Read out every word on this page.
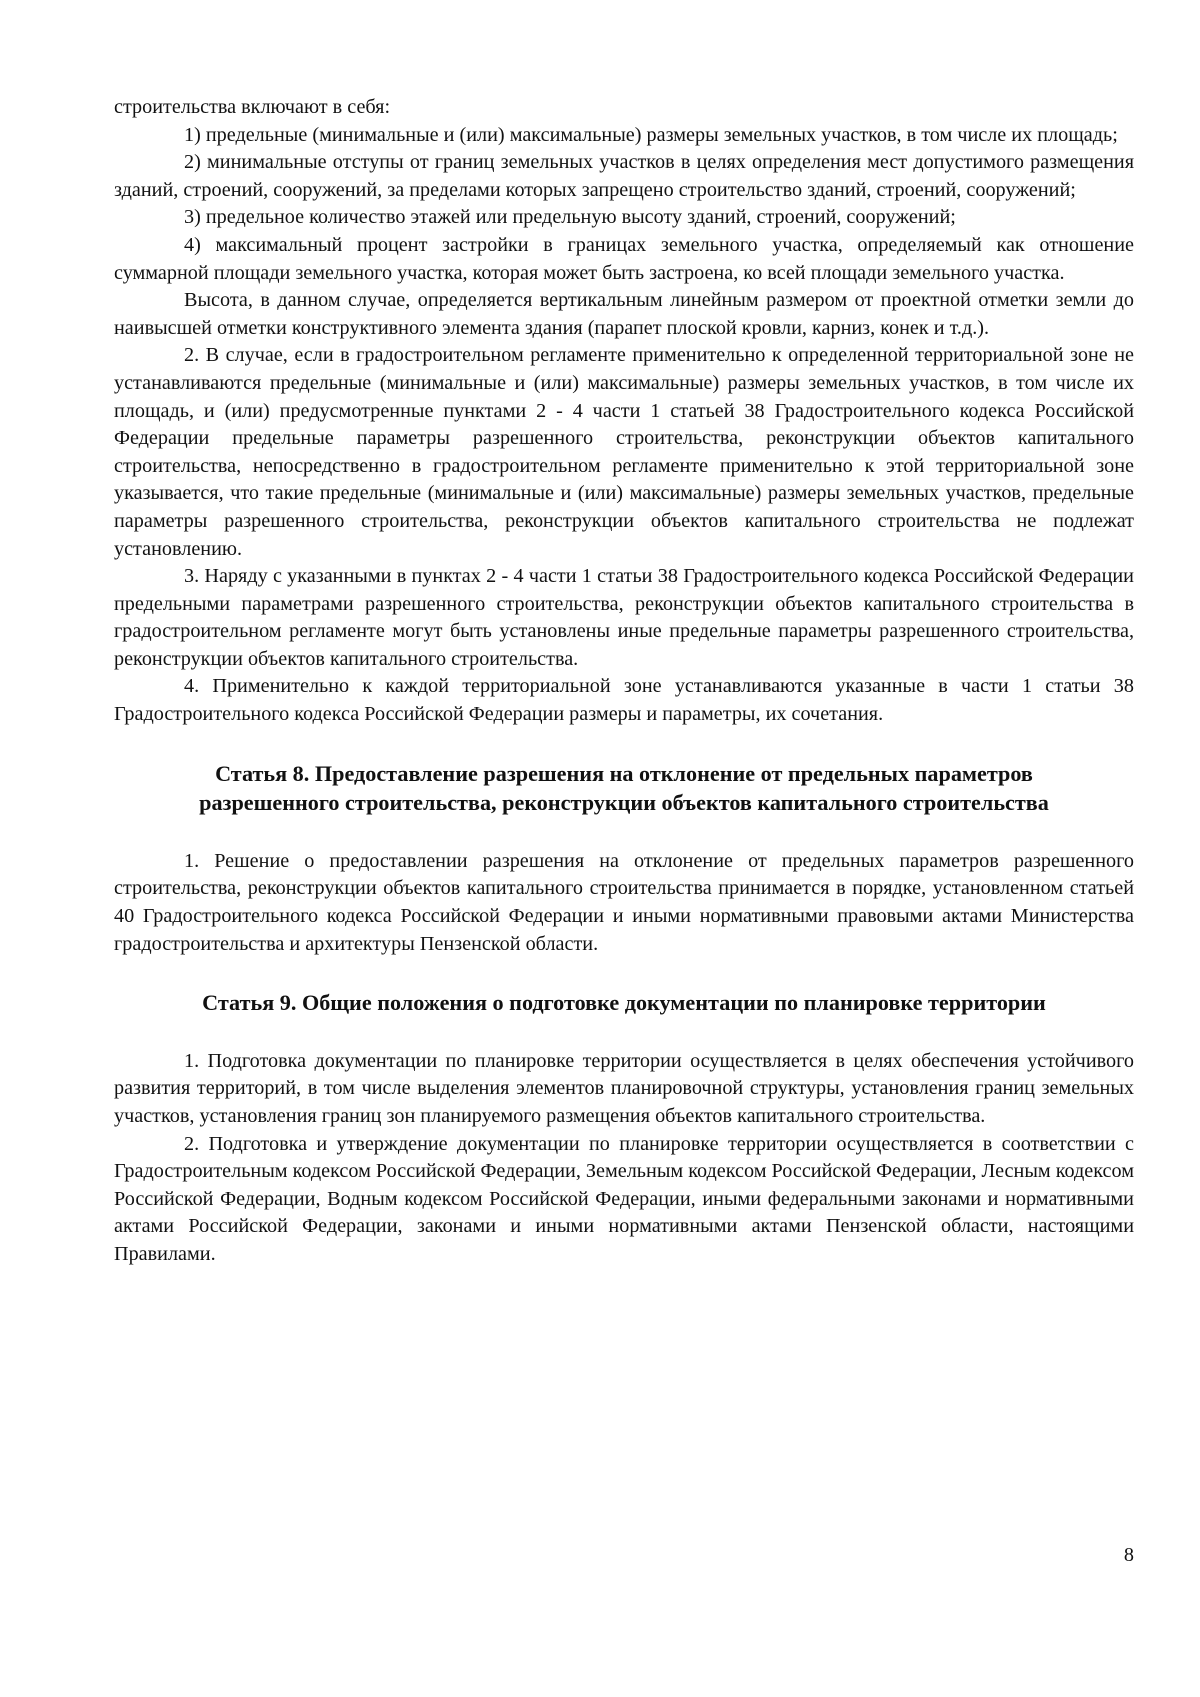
строительства включают в себя:

1) предельные (минимальные и (или) максимальные) размеры земельных участков, в том числе их площадь;

2) минимальные отступы от границ земельных участков в целях определения мест допустимого размещения зданий, строений, сооружений, за пределами которых запрещено строительство зданий, строений, сооружений;

3) предельное количество этажей или предельную высоту зданий, строений, сооружений;

4) максимальный процент застройки в границах земельного участка, определяемый как отношение суммарной площади земельного участка, которая может быть застроена, ко всей площади земельного участка.

Высота, в данном случае, определяется вертикальным линейным размером от проектной отметки земли до наивысшей отметки конструктивного элемента здания (парапет плоской кровли, карниз, конек и т.д.).

2. В случае, если в градостроительном регламенте применительно к определенной территориальной зоне не устанавливаются предельные (минимальные и (или) максимальные) размеры земельных участков, в том числе их площадь, и (или) предусмотренные пунктами 2 - 4 части 1 статьей 38 Градостроительного кодекса Российской Федерации предельные параметры разрешенного строительства, реконструкции объектов капитального строительства, непосредственно в градостроительном регламенте применительно к этой территориальной зоне указывается, что такие предельные (минимальные и (или) максимальные) размеры земельных участков, предельные параметры разрешенного строительства, реконструкции объектов капитального строительства не подлежат установлению.

3. Наряду с указанными в пунктах 2 - 4 части 1 статьи 38 Градостроительного кодекса Российской Федерации предельными параметрами разрешенного строительства, реконструкции объектов капитального строительства в градостроительном регламенте могут быть установлены иные предельные параметры разрешенного строительства, реконструкции объектов капитального строительства.

4. Применительно к каждой территориальной зоне устанавливаются указанные в части 1 статьи 38 Градостроительного кодекса Российской Федерации размеры и параметры, их сочетания.

Статья 8. Предоставление разрешения на отклонение от предельных параметров
разрешенного строительства, реконструкции объектов капитального строительства

1. Решение о предоставлении разрешения на отклонение от предельных параметров разрешенного строительства, реконструкции объектов капитального строительства принимается в порядке, установленном статьей 40 Градостроительного кодекса Российской Федерации и иными нормативными правовыми актами Министерства градостроительства и архитектуры Пензенской области.

Статья 9. Общие положения о подготовке документации по планировке территории

1. Подготовка документации по планировке территории осуществляется в целях обеспечения устойчивого развития территорий, в том числе выделения элементов планировочной структуры, установления границ земельных участков, установления границ зон планируемого размещения объектов капитального строительства.

2. Подготовка и утверждение документации по планировке территории осуществляется в соответствии с Градостроительным кодексом Российской Федерации, Земельным кодексом Российской Федерации, Лесным кодексом Российской Федерации, Водным кодексом Российской Федерации, иными федеральными законами и нормативными актами Российской Федерации, законами и иными нормативными актами Пензенской области, настоящими Правилами.

8
